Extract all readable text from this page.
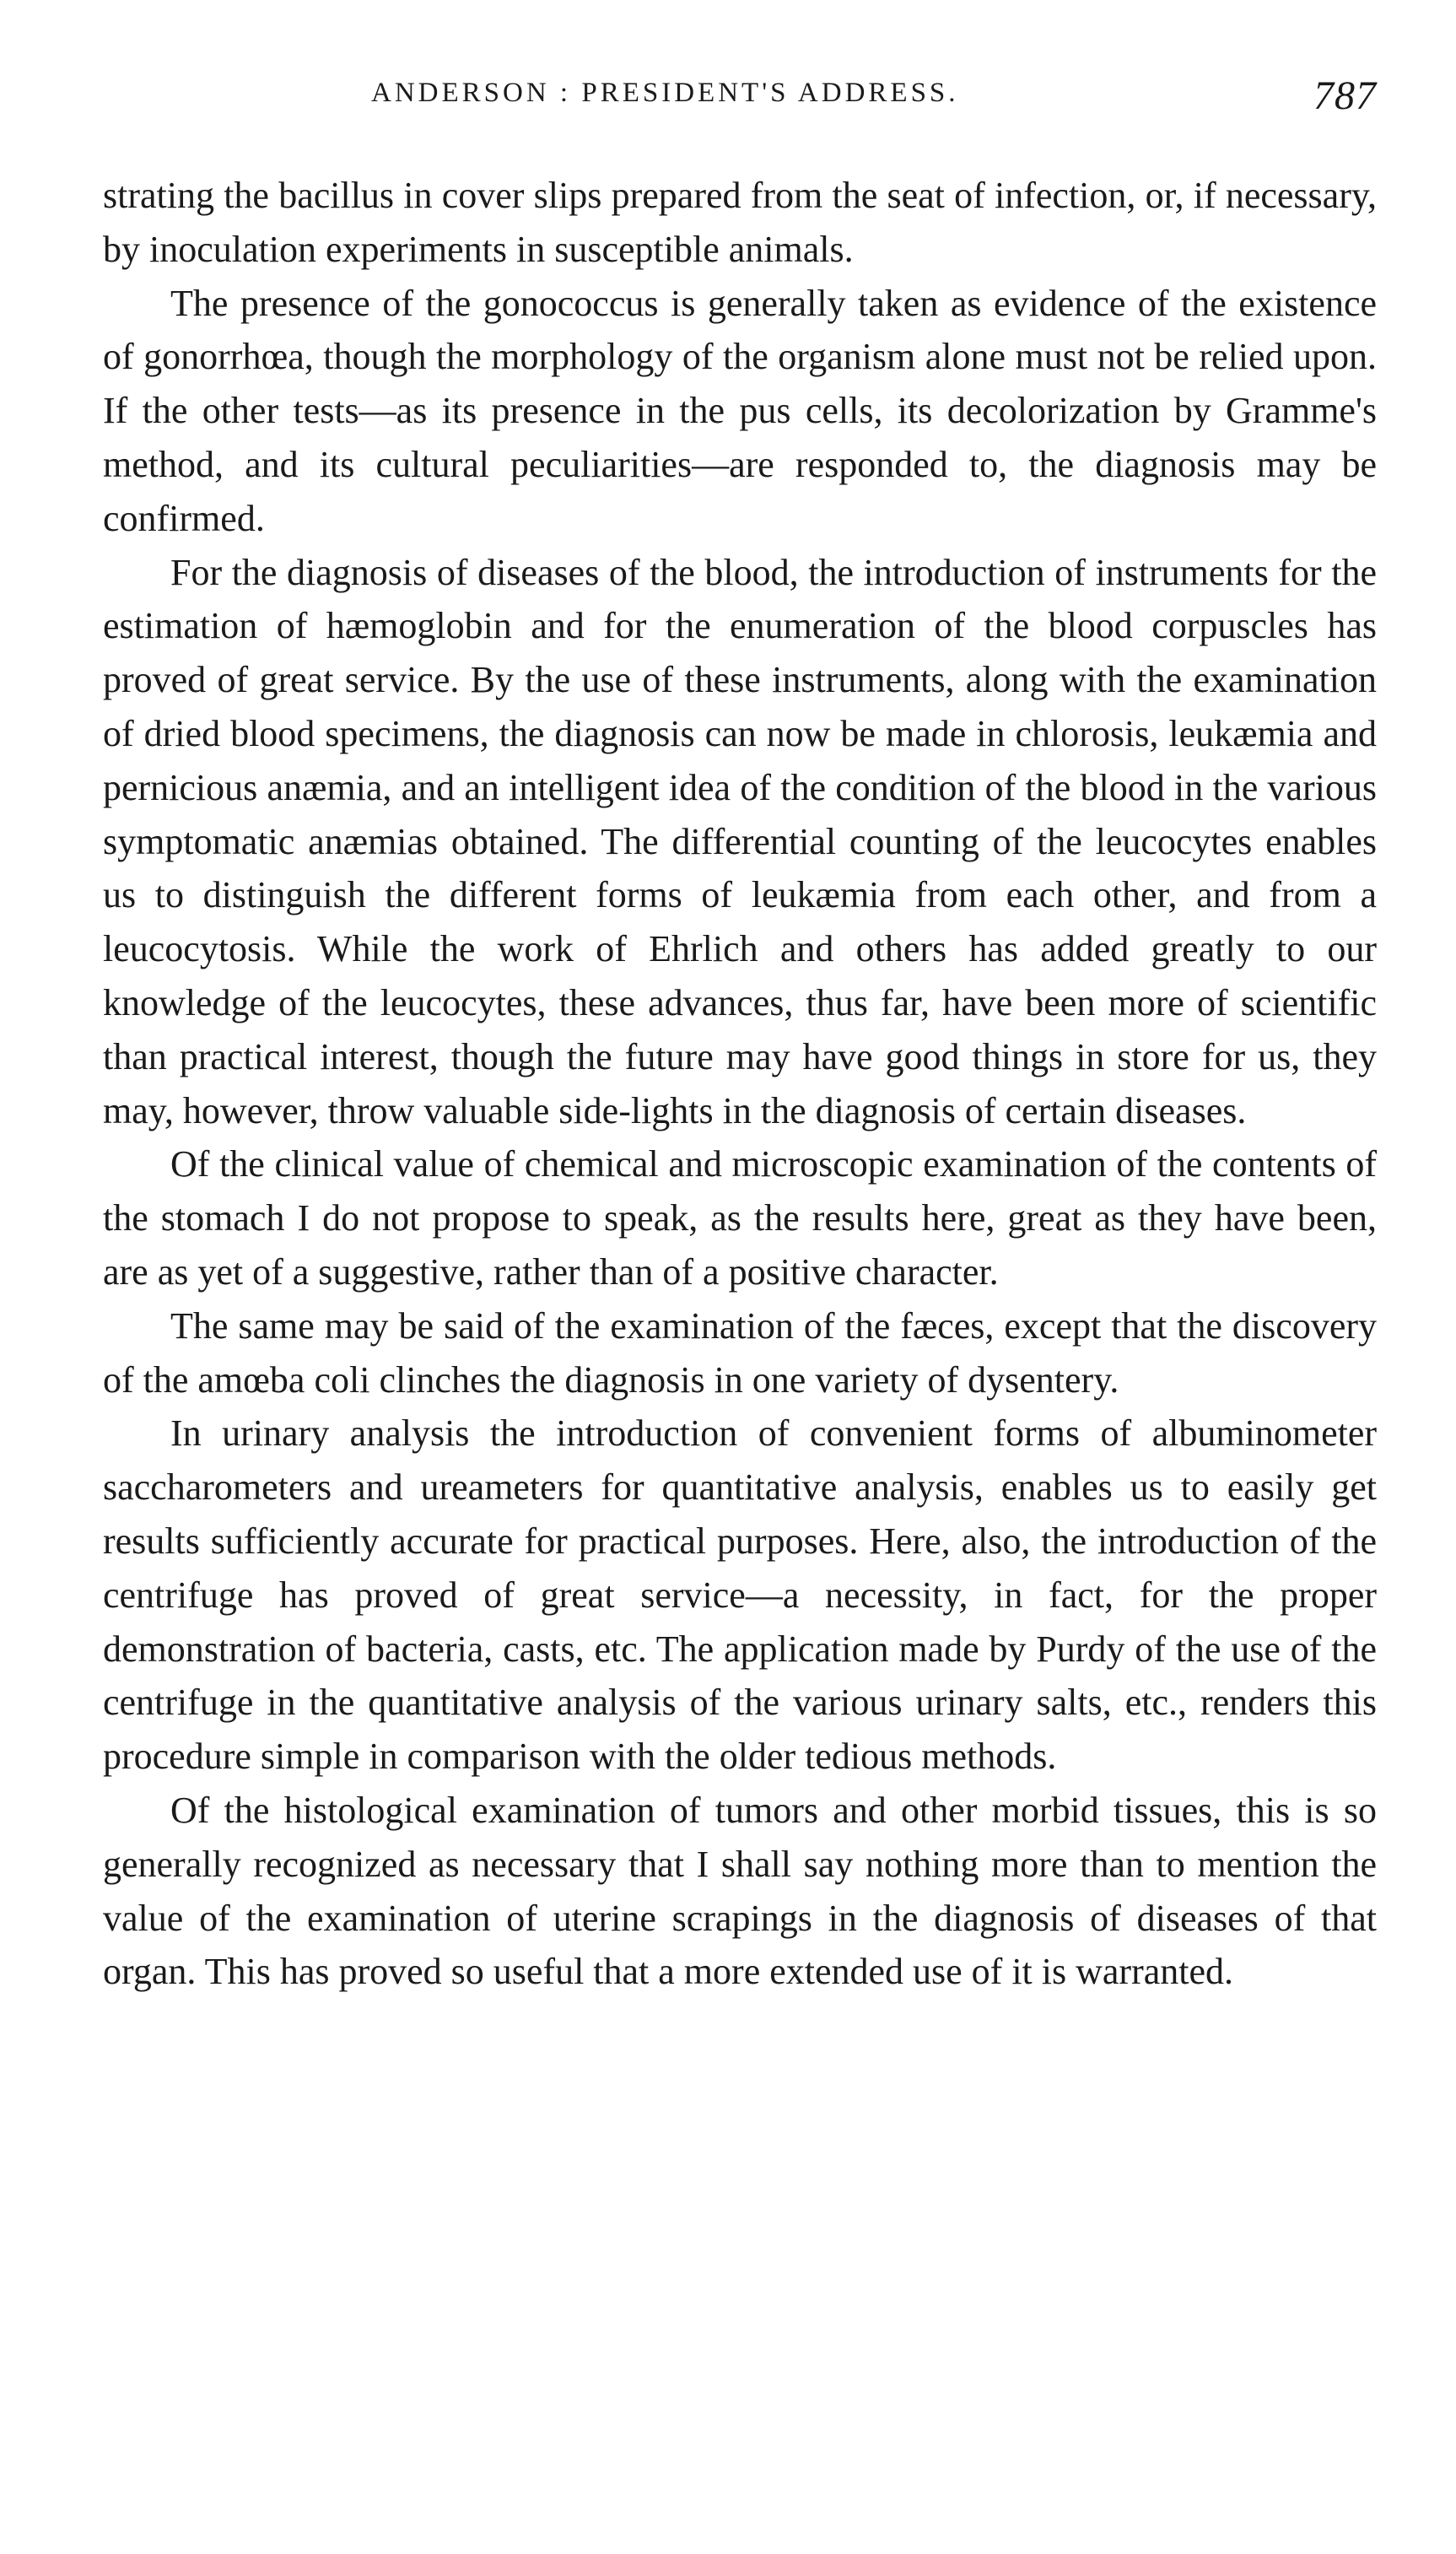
ANDERSON : PRESIDENT'S ADDRESS.	787

strating the bacillus in cover slips prepared from the seat of infection, or, if necessary, by inoculation experiments in susceptible animals.

The presence of the gonococcus is generally taken as evidence of the existence of gonorrhœa, though the morphology of the organism alone must not be relied upon. If the other tests—as its presence in the pus cells, its decolorization by Gramme's method, and its cultural peculiarities—are responded to, the diagnosis may be confirmed.

For the diagnosis of diseases of the blood, the introduction of instruments for the estimation of hæmoglobin and for the enumeration of the blood corpuscles has proved of great service. By the use of these instruments, along with the examination of dried blood specimens, the diagnosis can now be made in chlorosis, leukæmia and pernicious anæmia, and an intelligent idea of the condition of the blood in the various symptomatic anæmias obtained. The differential counting of the leucocytes enables us to distinguish the different forms of leukæmia from each other, and from a leucocytosis. While the work of Ehrlich and others has added greatly to our knowledge of the leucocytes, these advances, thus far, have been more of scientific than practical interest, though the future may have good things in store for us, they may, however, throw valuable side-lights in the diagnosis of certain diseases.

Of the clinical value of chemical and microscopic examination of the contents of the stomach I do not propose to speak, as the results here, great as they have been, are as yet of a suggestive, rather than of a positive character.

The same may be said of the examination of the fæces, except that the discovery of the amœba coli clinches the diagnosis in one variety of dysentery.

In urinary analysis the introduction of convenient forms of albuminometer saccharometers and ureameters for quantitative analysis, enables us to easily get results sufficiently accurate for practical purposes. Here, also, the introduction of the centrifuge has proved of great service—a necessity, in fact, for the proper demonstration of bacteria, casts, etc. The application made by Purdy of the use of the centrifuge in the quantitative analysis of the various urinary salts, etc., renders this procedure simple in comparison with the older tedious methods.

Of the histological examination of tumors and other morbid tissues, this is so generally recognized as necessary that I shall say nothing more than to mention the value of the examination of uterine scrapings in the diagnosis of diseases of that organ. This has proved so useful that a more extended use of it is warranted.
